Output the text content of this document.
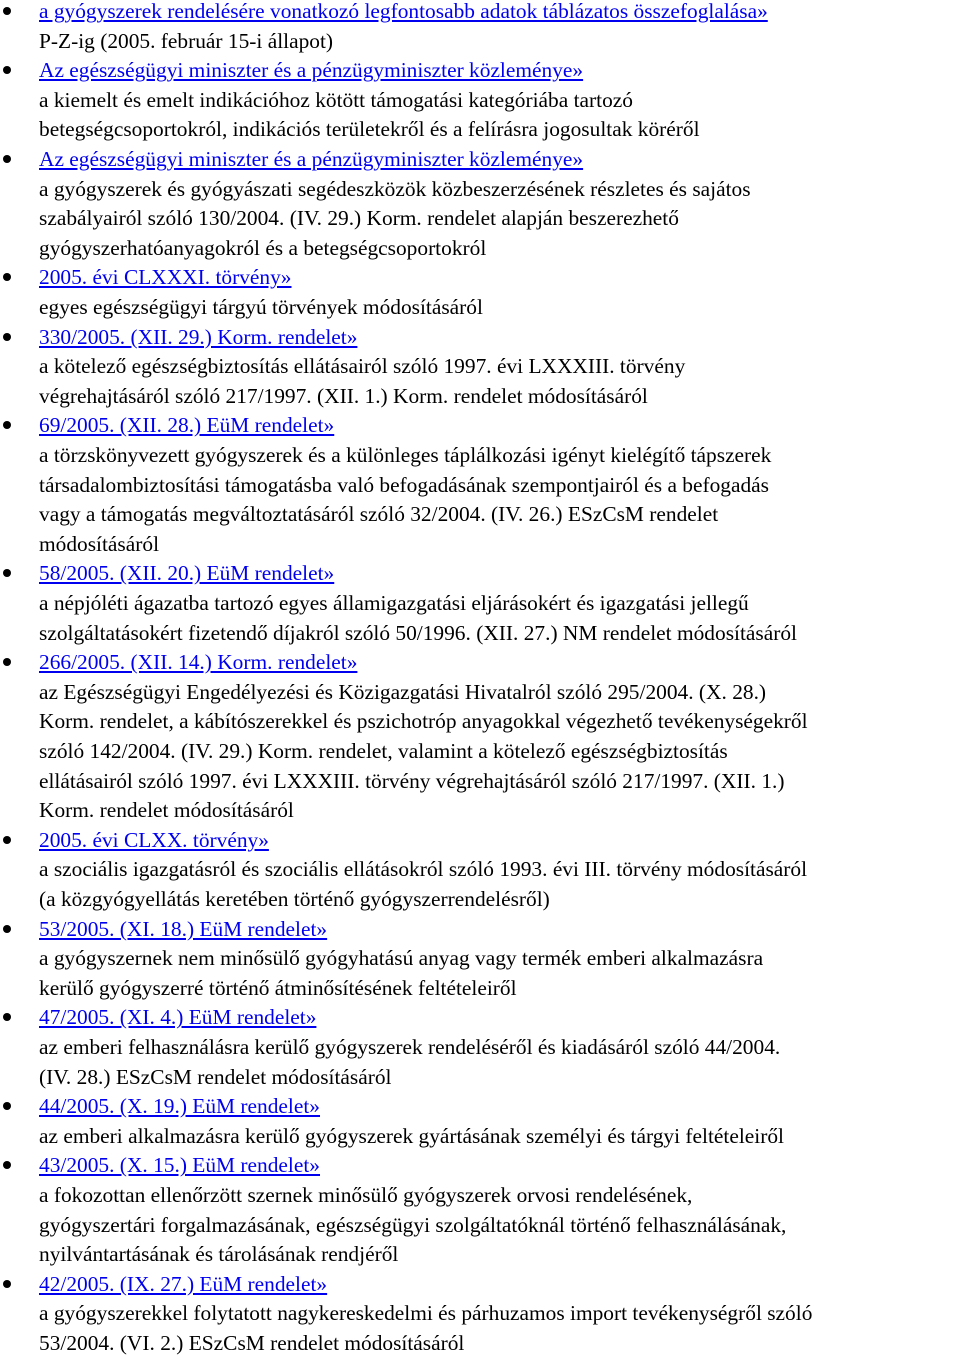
a gyógyszerek rendelésére vonatkozó legfontosabb adatok táblázatos összefoglalása»
P-Z-ig (2005. február 15-i állapot)
Az egészségügyi miniszter és a pénzügyminiszter közleménye»
a kiemelt és emelt indikációhoz kötött támogatási kategóriába tartozó
betegségcsoportokról, indikációs területekről és a felírásra jogosultak köréről
Az egészségügyi miniszter és a pénzügyminiszter közleménye»
a gyógyszerek és gyógyászati segédeszközök közbeszerzésének részletes és sajátos
szabályairól szóló 130/2004. (IV. 29.) Korm. rendelet alapján beszerezhető
gyógyszerhatóanyagokról és a betegségcsoportokról
2005. évi CLXXXI. törvény»
egyes egészségügyi tárgyú törvények módosításáról
330/2005. (XII. 29.) Korm. rendelet»
a kötelező egészségbiztosítás ellátásairól szóló 1997. évi LXXXIII. törvény
végrehajtásáról szóló 217/1997. (XII. 1.) Korm. rendelet módosításáról
69/2005. (XII. 28.) EüM rendelet»
a törzskönyvezett gyógyszerek és a különleges táplálkozási igényt kielégítő tápszerek
társadalombiztosítási támogatásba való befogadásának szempontjairól és a befogadás
vagy a támogatás megváltoztatásáról szóló 32/2004. (IV. 26.) ESzCsM rendelet
módosításáról
58/2005. (XII. 20.) EüM rendelet»
a népjóléti ágazatba tartozó egyes államigazgatási eljárásokért és igazgatási jellegű
szolgáltatásokért fizetendő díjakról szóló 50/1996. (XII. 27.) NM rendelet módosításáról
266/2005. (XII. 14.) Korm. rendelet»
az Egészségügyi Engedélyezési és Közigazgatási Hivatalról szóló 295/2004. (X. 28.)
Korm. rendelet, a kábítószerekkel és pszichotróp anyagokkal végezhető tevékenységekről
szóló 142/2004. (IV. 29.) Korm. rendelet, valamint a kötelező egészségbiztosítás
ellátásairól szóló 1997. évi LXXXIII. törvény végrehajtásáról szóló 217/1997. (XII. 1.)
Korm. rendelet módosításáról
2005. évi CLXX. törvény»
a szociális igazgatásról és szociális ellátásokról szóló 1993. évi III. törvény módosításáról
(a közgyógyellátás keretében történő gyógyszerrendelésről)
53/2005. (XI. 18.) EüM rendelet»
a gyógyszernek nem minősülő gyógyhatású anyag vagy termék emberi alkalmazásra
kerülő gyógyszerré történő átminősítésének feltételeiről
47/2005. (XI. 4.) EüM rendelet»
az emberi felhasználásra kerülő gyógyszerek rendeléséről és kiadásáról szóló 44/2004.
(IV. 28.) ESzCsM rendelet módosításáról
44/2005. (X. 19.) EüM rendelet»
az emberi alkalmazásra kerülő gyógyszerek gyártásának személyi és tárgyi feltételeiről
43/2005. (X. 15.) EüM rendelet»
a fokozottan ellenőrzött szernek minősülő gyógyszerek orvosi rendelésének,
gyógyszertári forgalmazásának, egészségügyi szolgáltatóknál történő felhasználásának,
nyilvántartásának és tárolásának rendjéről
42/2005. (IX. 27.) EüM rendelet»
a gyógyszerekkel folytatott nagykereskedelmi és párhuzamos import tevékenységről szóló
53/2004. (VI. 2.) ESzCsM rendelet módosításáról
